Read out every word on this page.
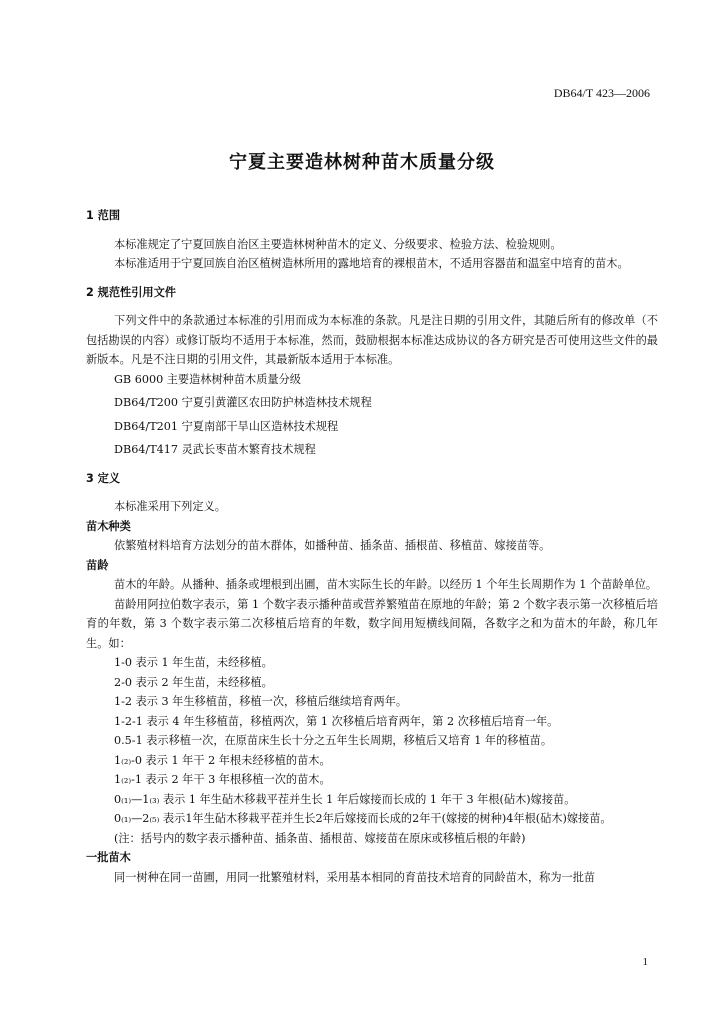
DB64/T 423—2006
宁夏主要造林树种苗木质量分级

1 范围

本标准规定了宁夏回族自治区主要造林树种苗木的定义、分级要求、检验方法、检验规则。

本标准适用于宁夏回族自治区植树造林所用的露地培育的裸根苗木，不适用容器苗和温室中培育的苗木。

2 规范性引用文件

下列文件中的条款通过本标准的引用而成为本标准的条款。凡是注日期的引用文件，其随后所有的修改单（不包括勘误的内容）或修订版均不适用于本标准，然而，鼓励根据本标准达成协议的各方研究是否可使用这些文件的最新版本。凡是不注日期的引用文件，其最新版本适用于本标准。

GB 6000 主要造林树种苗木质量分级

DB64/T200 宁夏引黄灌区农田防护林造林技术规程

DB64/T201 宁夏南部干旱山区造林技术规程

DB64/T417 灵武长枣苗木繁育技术规程

3 定义

本标准采用下列定义。

苗木种类

依繁殖材料培育方法划分的苗木群体，如播种苗、插条苗、插根苗、移植苗、嫁接苗等。

苗龄

苗木的年龄。从播种、插条或埋根到出圃，苗木实际生长的年龄。以经历 1 个年生长周期作为 1 个苗龄单位。

苗龄用阿拉伯数字表示，第 1 个数字表示播种苗或营养繁殖苗在原地的年龄；第 2 个数字表示第一次移植后培育的年数，第 3 个数字表示第二次移植后培育的年数，数字间用短横线间隔，各数字之和为苗木的年龄，称几年生。如：

1-0 表示 1 年生苗，未经移植。

2-0 表示 2 年生苗，未经移植。

1-2 表示 3 年生移植苗，移植一次，移植后继续培育两年。

1-2-1 表示 4 年生移植苗，移植两次，第 1 次移植后培育两年，第 2 次移植后培育一年。

0.5-1 表示移植一次，在原苗床生长十分之五年生长周期，移植后又培育 1 年的移植苗。

1₍₂₎-0 表示 1 年干 2 年根未经移植的苗木。

1₍₂₎-1 表示 2 年干 3 年根移植一次的苗木。

0₍₁₎—1₍₃₎ 表示 1 年生砧木移栽平茬并生长 1 年后嫁接而长成的 1 年干 3 年根(砧木)嫁接苗。

0₍₁₎—2₍₅₎ 表示1年生砧木移栽平茬并生长2年后嫁接而长成的2年干(嫁接的树种)4年根(砧木)嫁接苗。

(注：括号内的数字表示播种苗、插条苗、插根苗、嫁接苗在原床或移植后根的年龄)

一批苗木

同一树种在同一苗圃，用同一批繁殖材料，采用基本相同的育苗技术培育的同龄苗木，称为一批苗

1
